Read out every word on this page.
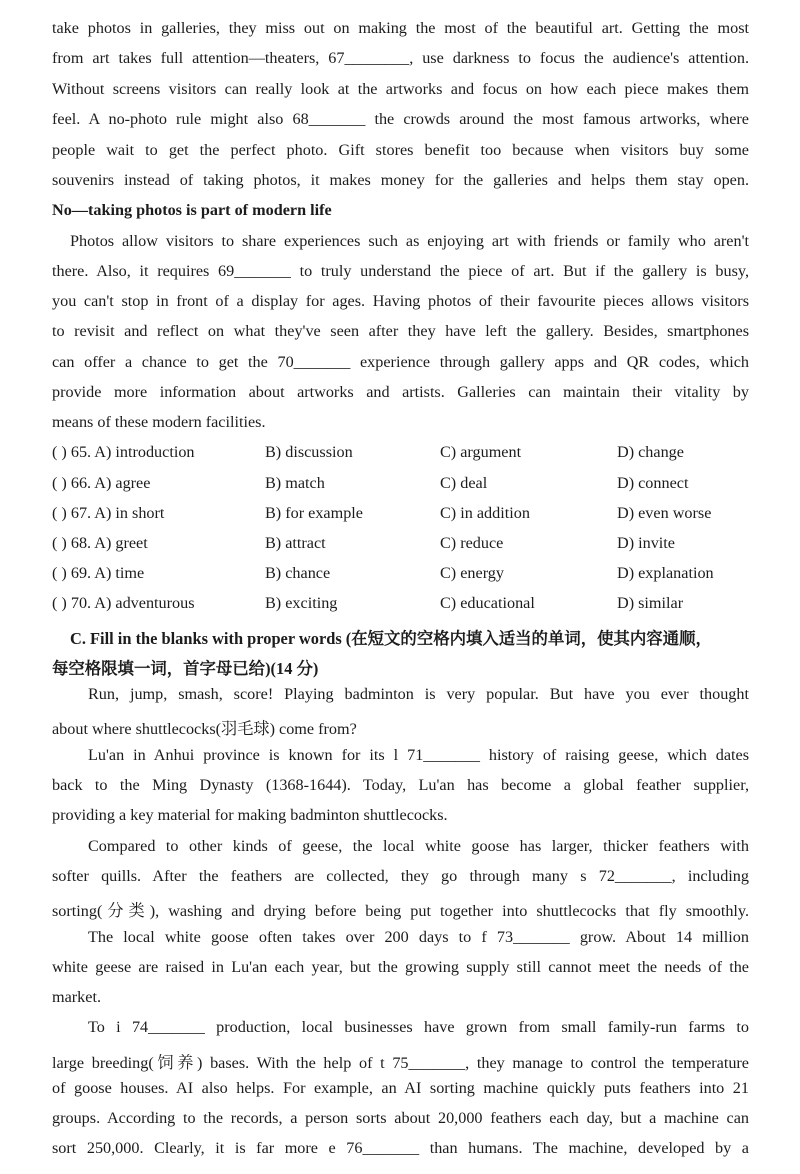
take photos in galleries, they miss out on making the most of the beautiful art. Getting the most
from art takes full attention—theaters, 67________, use darkness to focus the audience's attention.
Without screens visitors can really look at the artworks and focus on how each piece makes them
feel. A no-photo rule might also 68_______ the crowds around the most famous artworks, where
people wait to get the perfect photo. Gift stores benefit too because when visitors buy some
souvenirs instead of taking photos, it makes money for the galleries and helps them stay open.
No—taking photos is part of modern life
Photos allow visitors to share experiences such as enjoying art with friends or family who aren't
there. Also, it requires 69_______ to truly understand the piece of art. But if the gallery is busy,
you can't stop in front of a display for ages. Having photos of their favourite pieces allows visitors
to revisit and reflect on what they've seen after they have left the gallery. Besides, smartphones
can offer a chance to get the 70_______ experience through gallery apps and QR codes, which
provide more information about artworks and artists. Galleries can maintain their vitality by
means of these modern facilities.
( ) 65. A) introduction	B) discussion	C) argument	D) change
( ) 66. A) agree	B) match	C) deal	D) connect
( ) 67. A) in short	B) for example	C) in addition	D) even worse
( ) 68. A) greet	B) attract	C) reduce	D) invite
( ) 69. A) time	B) chance	C) energy	D) explanation
( ) 70. A) adventurous	B) exciting	C) educational	D) similar
C. Fill in the blanks with proper words (在短文的空格内填入适当的单词，使其内容通顺，
每空格限填一词，首字母已给)(14 分)
Run, jump, smash, score! Playing badminton is very popular. But have you ever thought
about where shuttlecocks(羽毛球) come from?
Lu'an in Anhui province is known for its l 71_______ history of raising geese, which dates
back to the Ming Dynasty (1368-1644). Today, Lu'an has become a global feather supplier,
providing a key material for making badminton shuttlecocks.
Compared to other kinds of geese, the local white goose has larger, thicker feathers with
softer quills. After the feathers are collected, they go through many s 72_______, including
sorting(分类), washing and drying before being put together into shuttlecocks that fly smoothly.
The local white goose often takes over 200 days to f 73_______ grow. About 14 million
white geese are raised in Lu'an each year, but the growing supply still cannot meet the needs of the
market.
To i 74_______ production, local businesses have grown from small family-run farms to
large breeding(饲养) bases. With the help of t 75_______, they manage to control the temperature
of goose houses. AI also helps. For example, an AI sorting machine quickly puts feathers into 21
groups. According to the records, a person sorts about 20,000 feathers each day, but a machine can
sort 250,000. Clearly, it is far more e 76_______ than humans. The machine, developed by a
